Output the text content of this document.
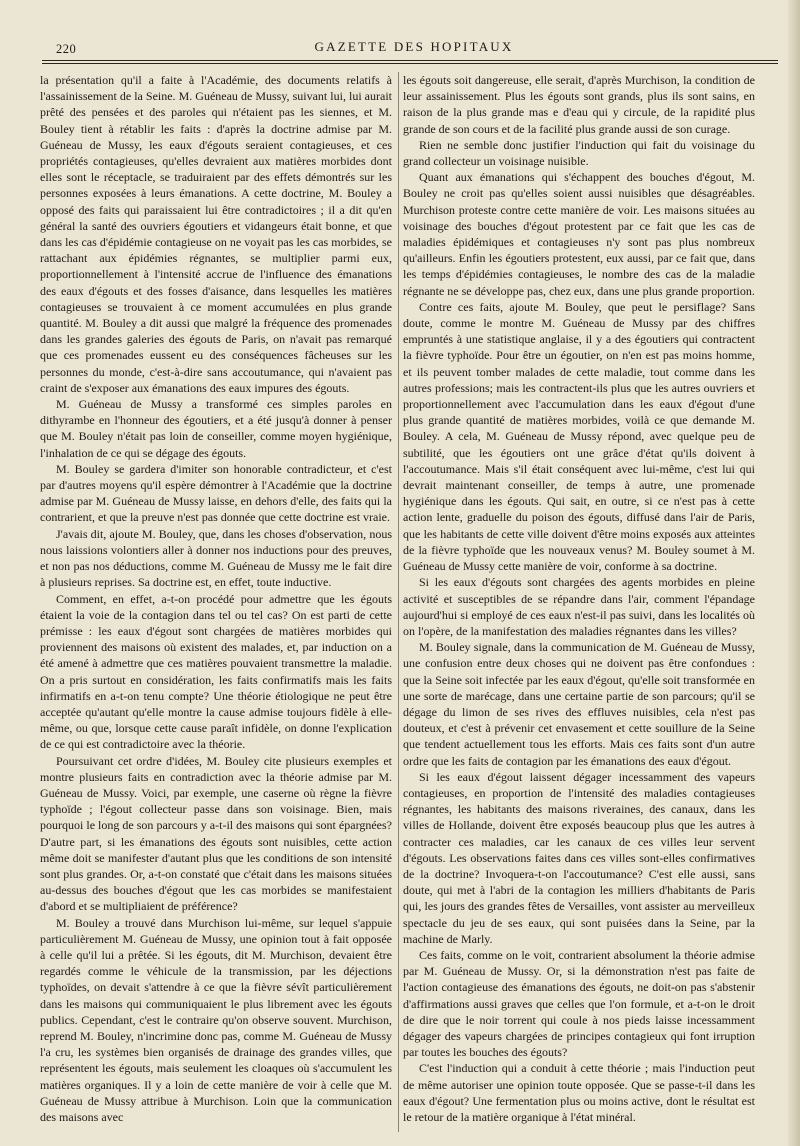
220	GAZETTE DES HOPITAUX

la présentation qu'il a faite à l'Académie, des documents relatifs à l'assainissement de la Seine. M. Guéneau de Mussy, suivant lui, lui aurait prêté des pensées et des paroles qui n'étaient pas les siennes, et M. Bouley tient à rétablir les faits : d'après la doctrine admise par M. Guéneau de Mussy, les eaux d'égouts seraient contagieuses, et ces propriétés contagieuses, qu'elles devraient aux matières morbides dont elles sont le réceptacle, se traduiraient par des effets démontrés sur les personnes exposées à leurs émanations. A cette doctrine, M. Bouley a opposé des faits qui paraissaient lui être contradictoires ; il a dit qu'en général la santé des ouvriers égoutiers et vidangeurs était bonne, et que dans les cas d'épidémie contagieuse on ne voyait pas les cas morbides, se rattachant aux épidémies régnantes, se multiplier parmi eux, proportionnellement à l'intensité accrue de l'influence des émanations des eaux d'égouts et des fosses d'aisance, dans lesquelles les matières contagieuses se trouvaient à ce moment accumulées en plus grande quantité. M. Bouley a dit aussi que malgré la fréquence des promenades dans les grandes galeries des égouts de Paris, on n'avait pas remarqué que ces promenades eussent eu des conséquences fâcheuses sur les personnes du monde, c'est-à-dire sans accoutumance, qui n'avaient pas craint de s'exposer aux émanations des eaux impures des égouts.

M. Guéneau de Mussy a transformé ces simples paroles en dithyrambe en l'honneur des égoutiers, et a été jusqu'à donner à penser que M. Bouley n'était pas loin de conseiller, comme moyen hygiénique, l'inhalation de ce qui se dégage des égouts.

M. Bouley se gardera d'imiter son honorable contradicteur, et c'est par d'autres moyens qu'il espère démontrer à l'Académie que la doctrine admise par M. Guéneau de Mussy laisse, en dehors d'elle, des faits qui la contrarient, et que la preuve n'est pas donnée que cette doctrine est vraie.

J'avais dit, ajoute M. Bouley, que, dans les choses d'observation, nous nous laissions volontiers aller à donner nos inductions pour des preuves, et non pas nos déductions, comme M. Guéneau de Mussy me le fait dire à plusieurs reprises. Sa doctrine est, en effet, toute inductive.

Comment, en effet, a-t-on procédé pour admettre que les égouts étaient la voie de la contagion dans tel ou tel cas? On est parti de cette prémisse : les eaux d'égout sont chargées de matières morbides qui proviennent des maisons où existent des malades, et, par induction on a été amené à admettre que ces matières pouvaient transmettre la maladie. On a pris surtout en considération, les faits confirmatifs mais les faits infirmatifs en a-t-on tenu compte? Une théorie étiologique ne peut être acceptée qu'autant qu'elle montre la cause admise toujours fidèle à elle-même, ou que, lorsque cette cause paraît infidèle, on donne l'explication de ce qui est contradictoire avec la théorie.

Poursuivant cet ordre d'idées, M. Bouley cite plusieurs exemples et montre plusieurs faits en contradiction avec la théorie admise par M. Guéneau de Mussy. Voici, par exemple, une caserne où règne la fièvre typhoïde ; l'égout collecteur passe dans son voisinage. Bien, mais pourquoi le long de son parcours y a-t-il des maisons qui sont épargnées? D'autre part, si les émanations des égouts sont nuisibles, cette action même doit se manifester d'autant plus que les conditions de son intensité sont plus grandes. Or, a-t-on constaté que c'était dans les maisons situées au-dessus des bouches d'égout que les cas morbides se manifestaient d'abord et se multipliaient de préférence?

M. Bouley a trouvé dans Murchison lui-même, sur lequel s'appuie particulièrement M. Guéneau de Mussy, une opinion tout à fait opposée à celle qu'il lui a prêtée. Si les égouts, dit M. Murchison, devaient être regardés comme le véhicule de la transmission, par les déjections typhoïdes, on devait s'attendre à ce que la fièvre sévît particulièrement dans les maisons qui communiquaient le plus librement avec les égouts publics. Cependant, c'est le contraire qu'on observe souvent. Murchison, reprend M. Bouley, n'incrimine donc pas, comme M. Guéneau de Mussy l'a cru, les systèmes bien organisés de drainage des grandes villes, que représentent les égouts, mais seulement les cloaques où s'accumulent les matières organiques. Il y a loin de cette manière de voir à celle que M. Guéneau de Mussy attribue à Murchison. Loin que la communication des maisons avec

les égouts soit dangereuse, elle serait, d'après Murchison, la condition de leur assainissement. Plus les égouts sont grands, plus ils sont sains, en raison de la plus grande mas e d'eau qui y circule, de la rapidité plus grande de son cours et de la facilité plus grande aussi de son curage.

Rien ne semble donc justifier l'induction qui fait du voisinage du grand collecteur un voisinage nuisible.

Quant aux émanations qui s'échappent des bouches d'égout, M. Bouley ne croit pas qu'elles soient aussi nuisibles que désagréables. Murchison proteste contre cette manière de voir. Les maisons situées au voisinage des bouches d'égout protestent par ce fait que les cas de maladies épidémiques et contagieuses n'y sont pas plus nombreux qu'ailleurs. Enfin les égoutiers protestent, eux aussi, par ce fait que, dans les temps d'épidémies contagieuses, le nombre des cas de la maladie régnante ne se développe pas, chez eux, dans une plus grande proportion.

Contre ces faits, ajoute M. Bouley, que peut le persiflage? Sans doute, comme le montre M. Guéneau de Mussy par des chiffres empruntés à une statistique anglaise, il y a des égoutiers qui contractent la fièvre typhoïde. Pour être un égoutier, on n'en est pas moins homme, et ils peuvent tomber malades de cette maladie, tout comme dans les autres professions; mais les contractent-ils plus que les autres ouvriers et proportionnellement avec l'accumulation dans les eaux d'égout d'une plus grande quantité de matières morbides, voilà ce que demande M. Bouley. A cela, M. Guéneau de Mussy répond, avec quelque peu de subtilité, que les égoutiers ont une grâce d'état qu'ils doivent à l'accoutumance. Mais s'il était conséquent avec lui-même, c'est lui qui devrait maintenant conseiller, de temps à autre, une promenade hygiénique dans les égouts. Qui sait, en outre, si ce n'est pas à cette action lente, graduelle du poison des égouts, diffusé dans l'air de Paris, que les habitants de cette ville doivent d'être moins exposés aux atteintes de la fièvre typhoïde que les nouveaux venus? M. Bouley soumet à M. Guéneau de Mussy cette manière de voir, conforme à sa doctrine.

Si les eaux d'égouts sont chargées des agents morbides en pleine activité et susceptibles de se répandre dans l'air, comment l'épandage aujourd'hui si employé de ces eaux n'est-il pas suivi, dans les localités où on l'opère, de la manifestation des maladies régnantes dans les villes?

M. Bouley signale, dans la communication de M. Guéneau de Mussy, une confusion entre deux choses qui ne doivent pas être confondues : que la Seine soit infectée par les eaux d'égout, qu'elle soit transformée en une sorte de marécage, dans une certaine partie de son parcours; qu'il se dégage du limon de ses rives des effluves nuisibles, cela n'est pas douteux, et c'est à prévenir cet envasement et cette souillure de la Seine que tendent actuellement tous les efforts. Mais ces faits sont d'un autre ordre que les faits de contagion par les émanations des eaux d'égout.

Si les eaux d'égout laissent dégager incessamment des vapeurs contagieuses, en proportion de l'intensité des maladies contagieuses régnantes, les habitants des maisons riveraines, des canaux, dans les villes de Hollande, doivent être exposés beaucoup plus que les autres à contracter ces maladies, car les canaux de ces villes leur servent d'égouts. Les observations faites dans ces villes sont-elles confirmatives de la doctrine? Invoquera-t-on l'accoutumance? C'est elle aussi, sans doute, qui met à l'abri de la contagion les milliers d'habitants de Paris qui, les jours des grandes fêtes de Versailles, vont assister au merveilleux spectacle du jeu de ses eaux, qui sont puisées dans la Seine, par la machine de Marly.

Ces faits, comme on le voit, contrarient absolument la théorie admise par M. Guéneau de Mussy. Or, si la démonstration n'est pas faite de l'action contagieuse des émanations des égouts, ne doit-on pas s'abstenir d'affirmations aussi graves que celles que l'on formule, et a-t-on le droit de dire que le noir torrent qui coule à nos pieds laisse incessamment dégager des vapeurs chargées de principes contagieux qui font irruption par toutes les bouches des égouts?

C'est l'induction qui a conduit à cette théorie ; mais l'induction peut de même autoriser une opinion toute opposée. Que se passe-t-il dans les eaux d'égout? Une fermentation plus ou moins active, dont le résultat est le retour de la matière organique à l'état minéral.
